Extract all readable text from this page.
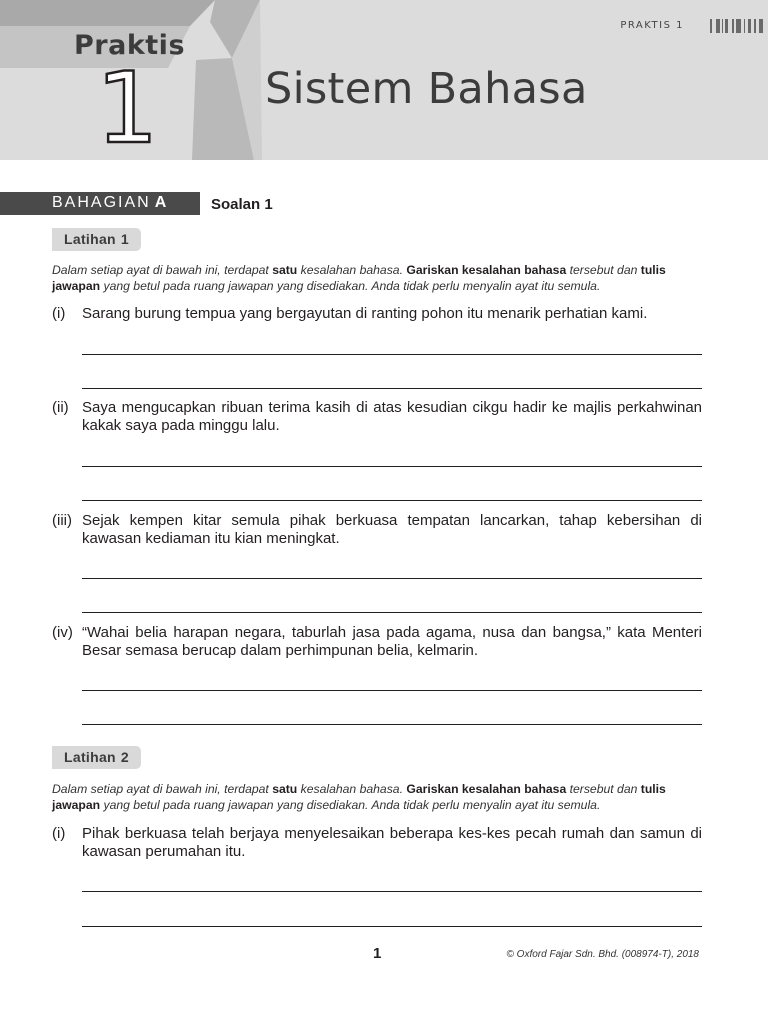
Praktis
1 Sistem Bahasa
PRAKTIS 1
BAHAGIAN A	Soalan 1
Latihan 1
Dalam setiap ayat di bawah ini, terdapat satu kesalahan bahasa. Gariskan kesalahan bahasa tersebut dan tulis jawapan yang betul pada ruang jawapan yang disediakan. Anda tidak perlu menyalin ayat itu semula.
(i) Sarang burung tempua yang bergayutan di ranting pohon itu menarik perhatian kami.
(ii) Saya mengucapkan ribuan terima kasih di atas kesudian cikgu hadir ke majlis perkahwinan kakak saya pada minggu lalu.
(iii) Sejak kempen kitar semula pihak berkuasa tempatan lancarkan, tahap kebersihan di kawasan kediaman itu kian meningkat.
(iv) “Wahai belia harapan negara, taburlah jasa pada agama, nusa dan bangsa,” kata Menteri Besar semasa berucap dalam perhimpunan belia, kelmarin.
Latihan 2
Dalam setiap ayat di bawah ini, terdapat satu kesalahan bahasa. Gariskan kesalahan bahasa tersebut dan tulis jawapan yang betul pada ruang jawapan yang disediakan. Anda tidak perlu menyalin ayat itu semula.
(i) Pihak berkuasa telah berjaya menyelesaikan beberapa kes-kes pecah rumah dan samun di kawasan perumahan itu.
1	© Oxford Fajar Sdn. Bhd. (008974-T), 2018
